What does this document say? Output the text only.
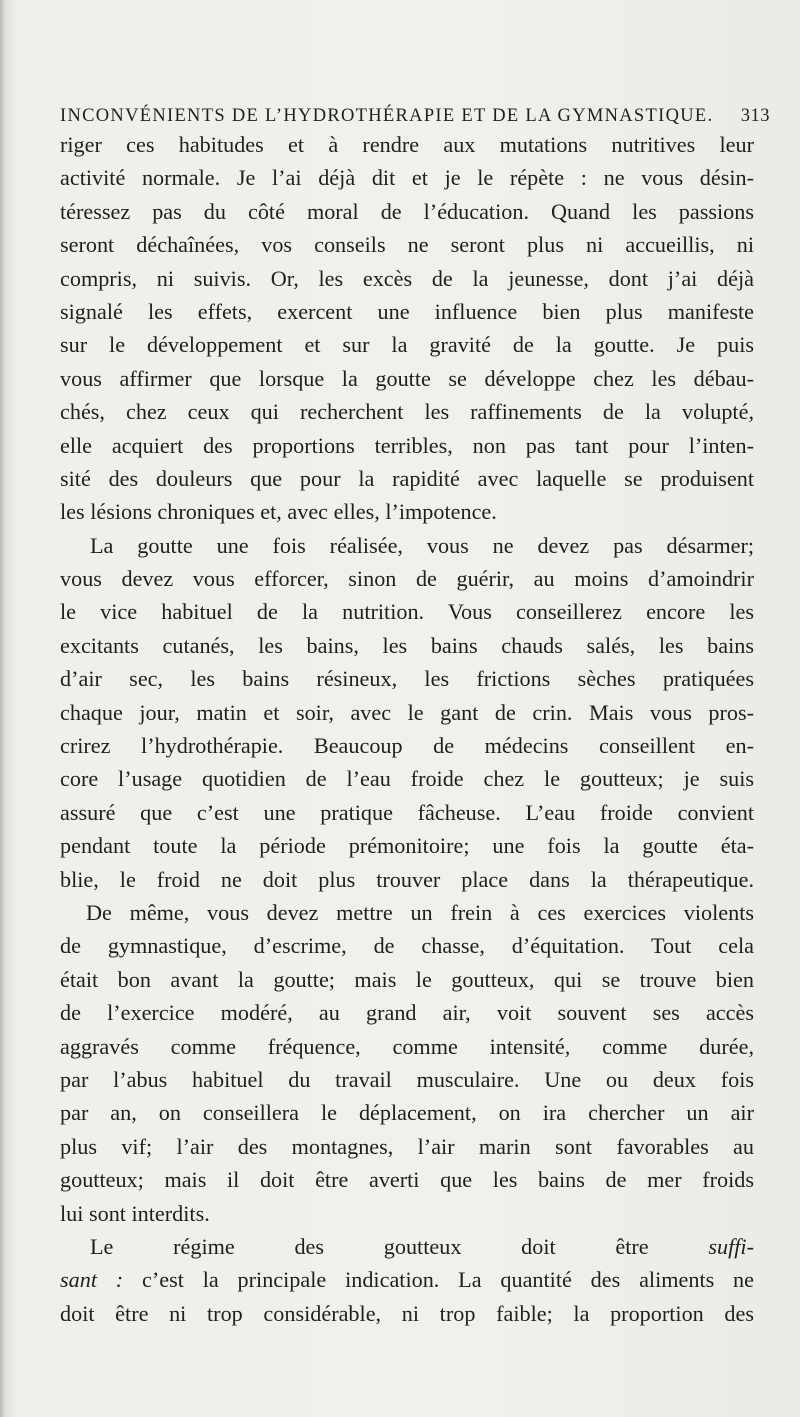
INCONVÉNIENTS DE L’HYDROTHÉRAPIE ET DE LA GYMNASTIQUE. 313
riger ces habitudes et à rendre aux mutations nutritives leur
activité normale. Je l’ai déjà dit et je le répète : ne vous désin-
téressez pas du côté moral de l’éducation. Quand les passions
seront déchaînées, vos conseils ne seront plus ni accueillis, ni
compris, ni suivis. Or, les excès de la jeunesse, dont j’ai déjà
signalé les effets, exercent une influence bien plus manifeste
sur le développement et sur la gravité de la goutte. Je puis
vous affirmer que lorsque la goutte se développe chez les débau-
chés, chez ceux qui recherchent les raffinements de la volupté,
elle acquiert des proportions terribles, non pas tant pour l’inten-
sité des douleurs que pour la rapidité avec laquelle se produisent
les lésions chroniques et, avec elles, l’impotence.
La goutte une fois réalisée, vous ne devez pas désarmer;
vous devez vous efforcer, sinon de guérir, au moins d’amoindrir
le vice habituel de la nutrition. Vous conseillerez encore les
excitants cutanés, les bains, les bains chauds salés, les bains
d’air sec, les bains résineux, les frictions sèches pratiquées
chaque jour, matin et soir, avec le gant de crin. Mais vous pros-
crirez l’hydrothérapie. Beaucoup de médecins conseillent en-
core l’usage quotidien de l’eau froide chez le goutteux; je suis
assuré que c’est une pratique fâcheuse. L’eau froide convient
pendant toute la période prémonitoire; une fois la goutte éta-
blie, le froid ne doit plus trouver place dans la thérapeutique.
De même, vous devez mettre un frein à ces exercices violents
de gymnastique, d’escrime, de chasse, d’équitation. Tout cela
était bon avant la goutte; mais le goutteux, qui se trouve bien
de l’exercice modéré, au grand air, voit souvent ses accès
aggravés comme fréquence, comme intensité, comme durée,
par l’abus habituel du travail musculaire. Une ou deux fois
par an, on conseillera le déplacement, on ira chercher un air
plus vif; l’air des montagnes, l’air marin sont favorables au
goutteux; mais il doit être averti que les bains de mer froids
lui sont interdits.
Le régime des goutteux doit être suffi-
sant : c’est la principale indication. La quantité des aliments ne
doit être ni trop considérable, ni trop faible; la proportion des
